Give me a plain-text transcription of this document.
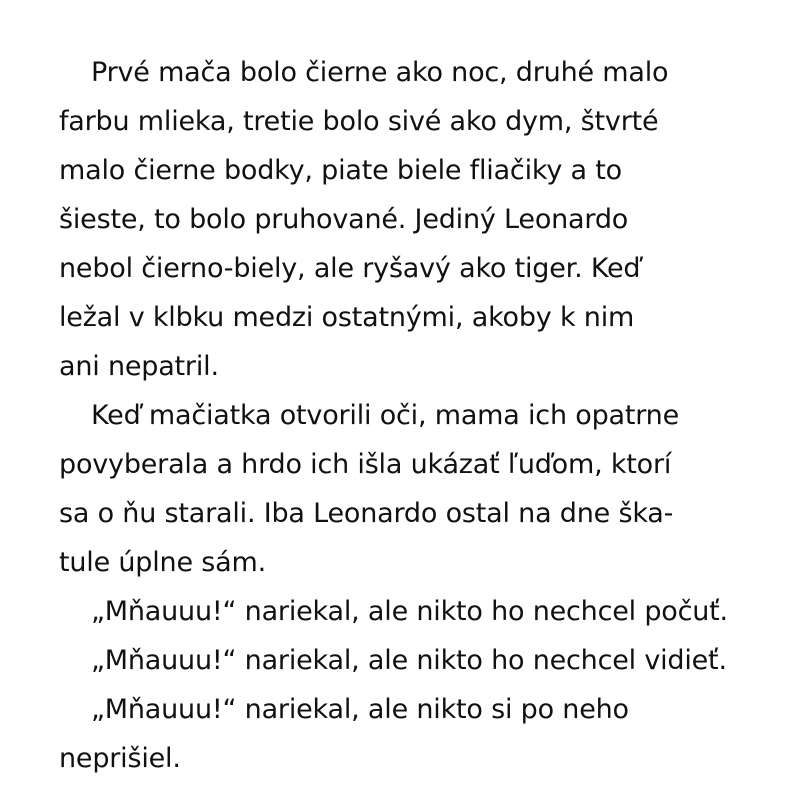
Prvé mača bolo čierne ako noc, druhé malo
farbu mlieka, tretie bolo sivé ako dym, štvrté
malo čierne bodky, piate biele fliačiky a to
šieste, to bolo pruhované. Jediný Leonardo
nebol čierno-biely, ale ryšavý ako tiger. Keď
ležal v klbku medzi ostatnými, akoby k nim
ani nepatril.
Keď mačiatka otvorili oči, mama ich opatrne
povyberala a hrdo ich išla ukázať ľuďom, ktorí
sa o ňu starali. Iba Leonardo ostal na dne ška-
tule úplne sám.
„Mňauuu!“ nariekal, ale nikto ho nechcel počuť.
„Mňauuu!“ nariekal, ale nikto ho nechcel vidieť.
„Mňauuu!“ nariekal, ale nikto si po neho
neprišiel.
